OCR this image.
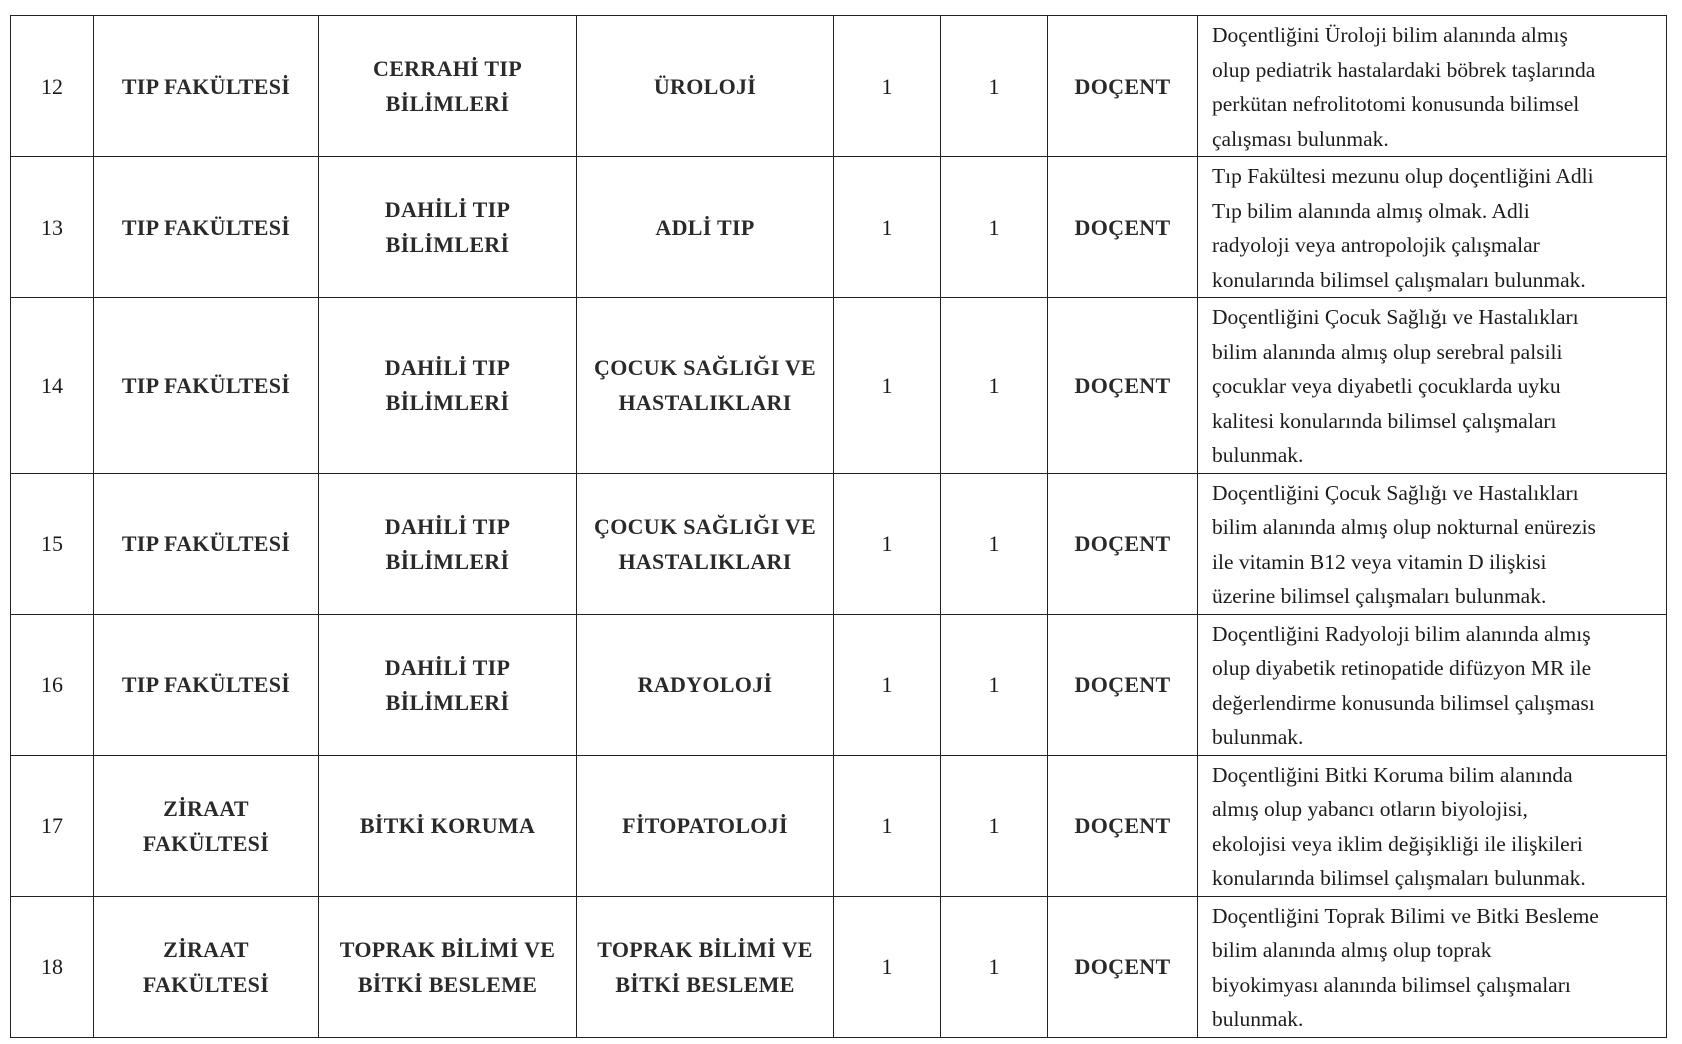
12	TIP FAKÜLTESİ	CERRAHİ TIP
BİLİMLERİ	ÜROLOJİ	1	1	DOÇENT	Doçentliğini Üroloji bilim alanında almış
olup pediatrik hastalardaki böbrek taşlarında
perkütan nefrolitotomi konusunda bilimsel
çalışması bulunmak.

13	TIP FAKÜLTESİ	DAHİLİ TIP
BİLİMLERİ	ADLİ TIP	1	1	DOÇENT	Tıp Fakültesi mezunu olup doçentliğini Adli
Tıp bilim alanında almış olmak. Adli
radyoloji veya antropolojik çalışmalar
konularında bilimsel çalışmaları bulunmak.

14	TIP FAKÜLTESİ	DAHİLİ TIP
BİLİMLERİ	ÇOCUK SAĞLIĞI VE
HASTALIKLARI	1	1	DOÇENT	Doçentliğini Çocuk Sağlığı ve Hastalıkları
bilim alanında almış olup serebral palsili
çocuklar veya diyabetli çocuklarda uyku
kalitesi konularında bilimsel çalışmaları
bulunmak.

15	TIP FAKÜLTESİ	DAHİLİ TIP
BİLİMLERİ	ÇOCUK SAĞLIĞI VE
HASTALIKLARI	1	1	DOÇENT	Doçentliğini Çocuk Sağlığı ve Hastalıkları
bilim alanında almış olup nokturnal enürezis
ile vitamin B12 veya vitamin D ilişkisi
üzerine bilimsel çalışmaları bulunmak.

16	TIP FAKÜLTESİ	DAHİLİ TIP
BİLİMLERİ	RADYOLOJİ	1	1	DOÇENT	Doçentliğini Radyoloji bilim alanında almış
olup diyabetik retinopatide difüzyon MR ile
değerlendirme konusunda bilimsel çalışması
bulunmak.

17	ZİRAAT
FAKÜLTESİ	BİTKİ KORUMA	FİTOPATOLOJİ	1	1	DOÇENT	Doçentliğini Bitki Koruma bilim alanında
almış olup yabancı otların biyolojisi,
ekolojisi veya iklim değişikliği ile ilişkileri
konularında bilimsel çalışmaları bulunmak.

18	ZİRAAT
FAKÜLTESİ	TOPRAK BİLİMİ VE
BİTKİ BESLEME	TOPRAK BİLİMİ VE
BİTKİ BESLEME	1	1	DOÇENT	Doçentliğini Toprak Bilimi ve Bitki Besleme
bilim alanında almış olup toprak
biyokimyası alanında bilimsel çalışmaları
bulunmak.
